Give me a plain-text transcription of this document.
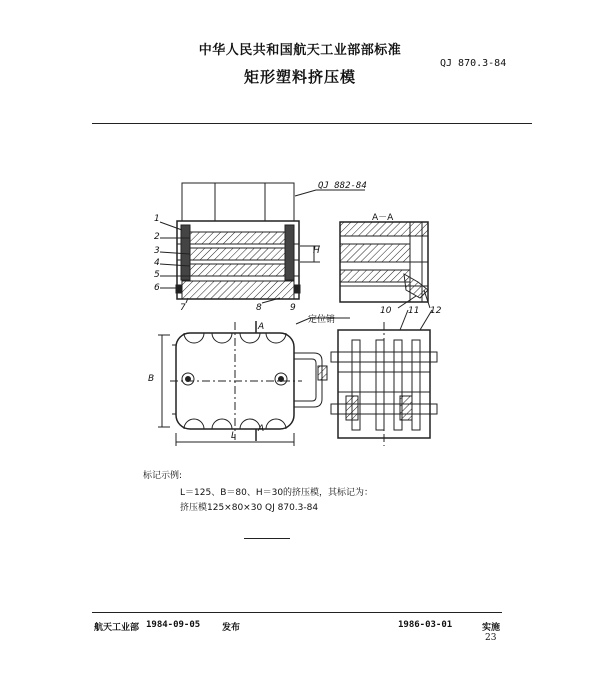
中华人民共和国航天工业部部标准
QJ 870.3-84
矩形塑料挤压模
QJ 882-84
A－A
H
1
2
3
4
5
6
7	8	9	10 11 12
定位销
A
A
B
L
标记示例:
L＝125、B＝80、H＝30的挤压模，其标记为：
挤压模125×80×30 QJ 870.3-84
航天工业部 1984-09-05 发布	1986-03-01	实施
23
